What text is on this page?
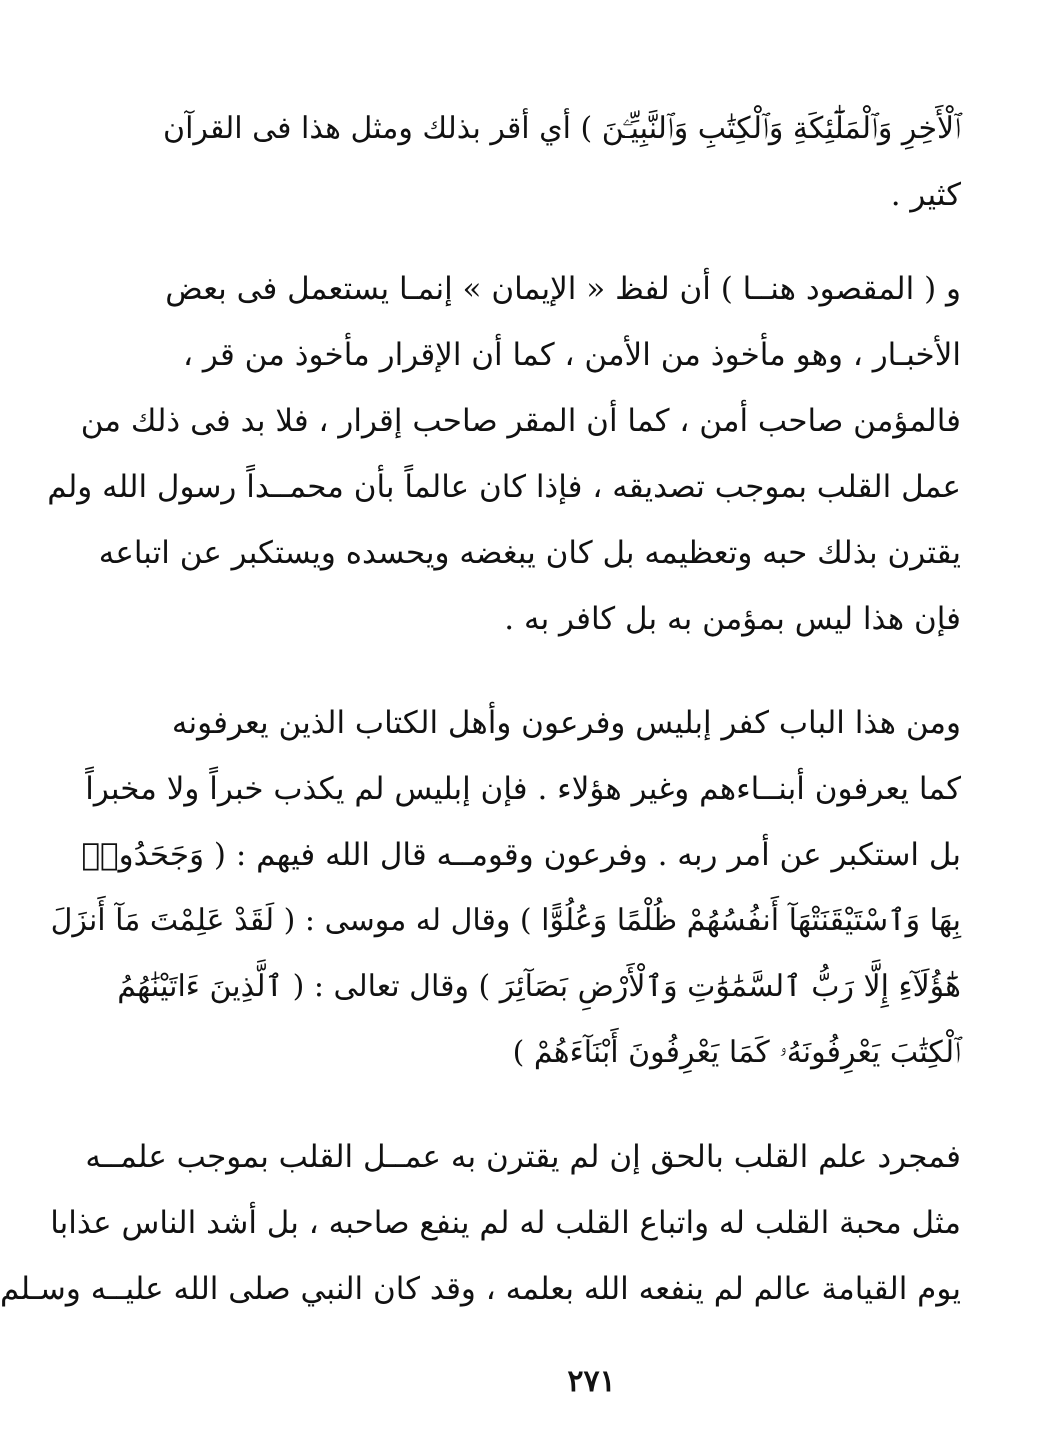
ٱلْأَخِرِ وَٱلْمَلَٰٓئِكَةِ وَٱلْكِتَٰبِ وَٱلنَّبِيِّـۧنَ ) أي أقر بذلك ومثل هذا فى القرآن
كثير .
و ( المقصود هنــا ) أن لفظ « الإيمان » إنمـا يستعمل فى بعض
الأخبـار ، وهو مأخوذ من الأمن ، كما أن الإقرار مأخوذ من قر ،
فالمؤمن صاحب أمن ، كما أن المقر صاحب إقرار ، فلا بد فى ذلك من
عمل القلب بموجب تصديقه ، فإذا كان عالماً بأن محمــداً رسول الله ولم
يقترن بذلك حبه وتعظيمه بل كان يبغضه ويحسده ويستكبر عن اتباعه
فإن هذا ليس بمؤمن به بل كافر به .
ومن هذا الباب كفر إبليس وفرعون وأهل الكتاب الذين يعرفونه
كما يعرفون أبنــاءهم وغير هؤلاء . فإن إبليس لم يكذب خبراً ولا مخبراً
بل استكبر عن أمر ربه . وفرعون وقومــه قال الله فيهم : ( وَجَحَدُوا۟
بِهَا وَٱسْتَيْقَنَتْهَآ أَنفُسُهُمْ ظُلْمًا وَعُلُوًّا ) وقال له موسى : ( لَقَدْ عَلِمْتَ مَآ أَنزَلَ
هَٰٓؤُلَآءِ إِلَّا رَبُّ ٱلسَّمَٰوَٰتِ وَٱلْأَرْضِ بَصَآئِرَ ) وقال تعالى : ( ٱلَّذِينَ ءَاتَيْنَٰهُمُ
ٱلْكِتَٰبَ يَعْرِفُونَهُۥ كَمَا يَعْرِفُونَ أَبْنَآءَهُمْ )
فمجرد علم القلب بالحق إن لم يقترن به عمــل القلب بموجب علمــه
مثل محبة القلب له واتباع القلب له لم ينفع صاحبه ، بل أشد الناس عذابا
يوم القيامة عالم لم ينفعه الله بعلمه ، وقد كان النبي صلى الله عليــه وسـلم
٢٧١
